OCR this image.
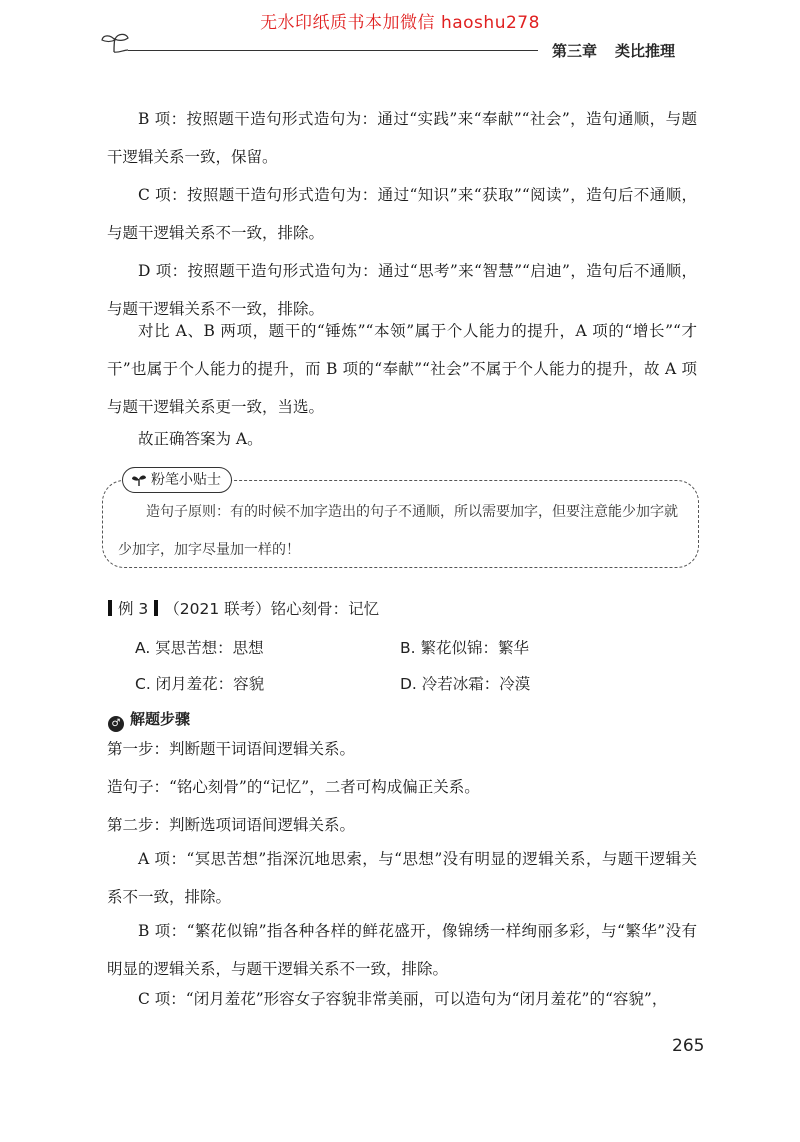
无水印纸质书本加微信 haoshu278
第三章 类比推理
B 项：按照题干造句形式造句为：通过“实践”来“奉献”“社会”，造句通顺，与题干逻辑关系一致，保留。
C 项：按照题干造句形式造句为：通过“知识”来“获取”“阅读”，造句后不通顺，与题干逻辑关系不一致，排除。
D 项：按照题干造句形式造句为：通过“思考”来“智慧”“启迪”，造句后不通顺，与题干逻辑关系不一致，排除。
对比 A、B 两项，题干的“锤炼”“本领”属于个人能力的提升，A 项的“增长”“才干”也属于个人能力的提升，而 B 项的“奉献”“社会”不属于个人能力的提升，故 A 项与题干逻辑关系更一致，当选。
故正确答案为 A。
粉笔小贴士
造句子原则：有的时候不加字造出的句子不通顺，所以需要加字，但要注意能少加字就少加字，加字尽量加一样的！
例 3 （2021 联考）铭心刻骨：记忆
A. 冥思苦想：思想	B. 繁花似锦：繁华
C. 闭月羞花：容貌	D. 冷若冰霜：冷漠
♂ 解题步骤
第一步：判断题干词语间逻辑关系。
造句子：“铭心刻骨”的“记忆”，二者可构成偏正关系。
第二步：判断选项词语间逻辑关系。
A 项：“冥思苦想”指深沉地思索，与“思想”没有明显的逻辑关系，与题干逻辑关系不一致，排除。
B 项：“繁花似锦”指各种各样的鲜花盛开，像锦绣一样绚丽多彩，与“繁华”没有明显的逻辑关系，与题干逻辑关系不一致，排除。
C 项：“闭月羞花”形容女子容貌非常美丽，可以造句为“闭月羞花”的“容貌”，
265
